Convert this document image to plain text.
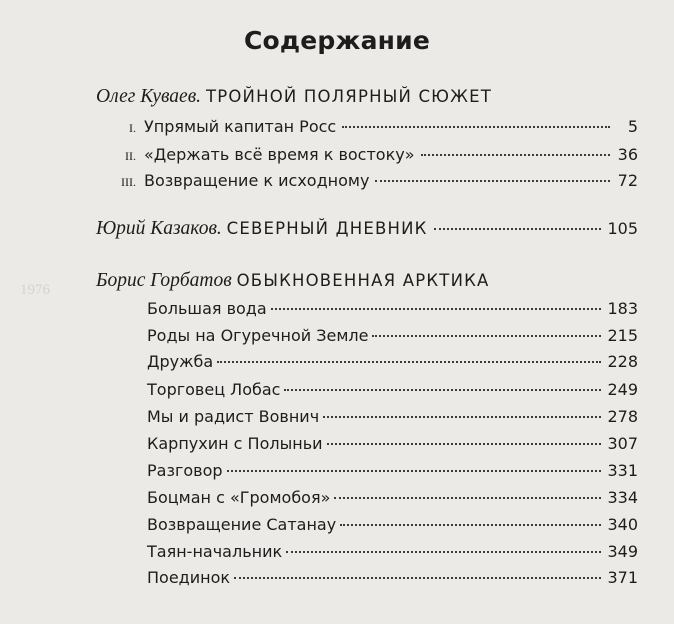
1976
Содержание
Олег Куваев. ТРОЙНОЙ ПОЛЯРНЫЙ СЮЖЕТ
I. Упрямый капитан Росс	5
II. «Держать всё время к востоку»	36
III. Возвращение к исходному	72
Юрий Казаков.
СЕВЕРНЫЙ ДНЕВНИК	105
Борис Горбатов ОБЫКНОВЕННАЯ АРКТИКА
Большая вода	183
Роды на Огуречной Земле	215
Дружба	228
Торговец Лобас	249
Мы и радист Вовнич	278
Карпухин с Полыньи	307
Разговор	331
Боцман с «Громобоя»	334
Возвращение Сатанау	340
Таян-начальник	349
Поединок	371
